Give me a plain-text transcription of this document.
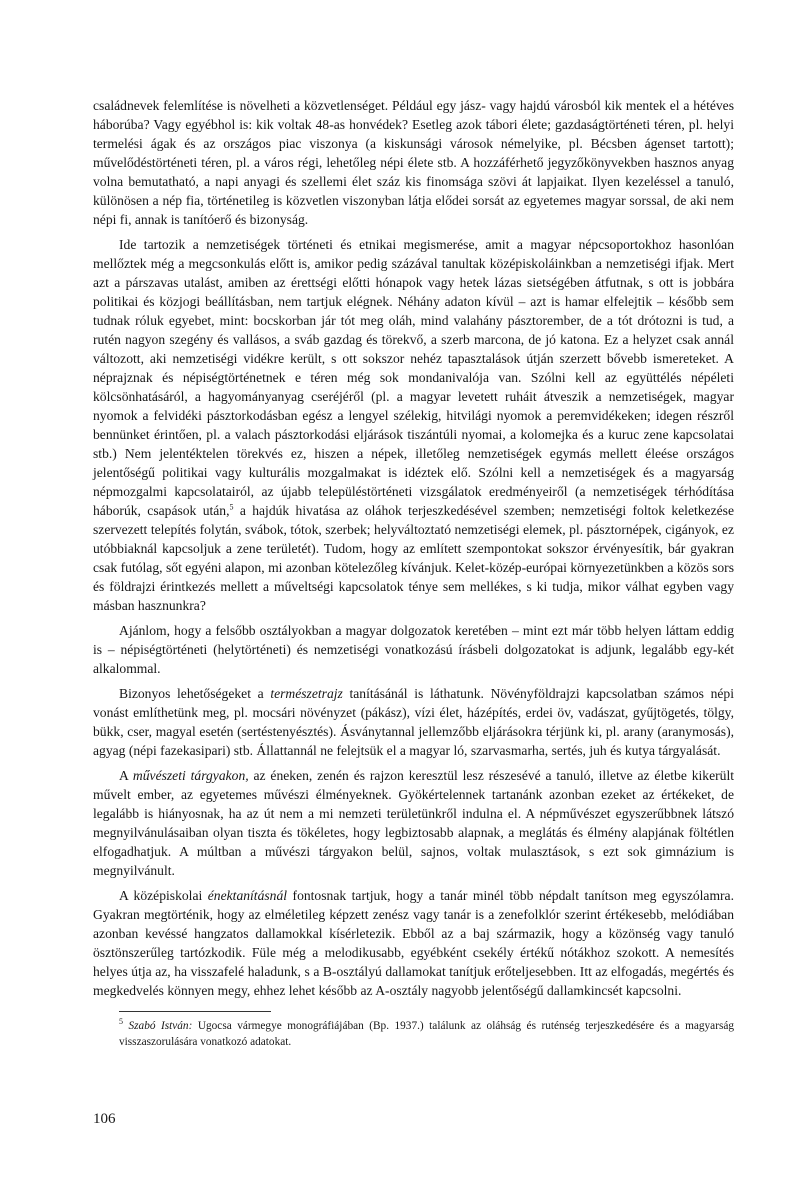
családnevek felemlítése is növelheti a közvetlenséget. Például egy jász- vagy hajdú városból kik mentek el a hétéves háborúba? Vagy egyébhol is: kik voltak 48-as honvédek? Esetleg azok tábori élete; gazdaságtörténeti téren, pl. helyi termelési ágak és az országos piac viszonya (a kiskunsági városok némelyike, pl. Bécsben ágenset tartott); művelődéstörténeti téren, pl. a város régi, lehetőleg népi élete stb. A hozzáférhető jegyzőkönyvekben hasznos anyag volna bemutatható, a napi anyagi és szellemi élet száz kis finomsága szövi át lapjaikat. Ilyen kezeléssel a tanuló, különösen a nép fia, történetileg is közvetlen viszonyban látja elődei sorsát az egyetemes magyar sorssal, de aki nem népi fi, annak is tanítóerő és bizonyság.

Ide tartozik a nemzetiségek történeti és etnikai megismerése, amit a magyar népcsoportokhoz hasonlóan mellőztek még a megcsonkulás előtt is, amikor pedig százával tanultak középiskoláinkban a nemzetiségi ifjak. Mert azt a párszavas utalást, amiben az érettségi előtti hónapok vagy hetek lázas sietségében átfutnak, s ott is jobbára politikai és közjogi beállításban, nem tartjuk elégnek. Néhány adaton kívül – azt is hamar elfelejtik – később sem tudnak róluk egyebet, mint: bocskorban jár tót meg oláh, mind valahány pásztorember, de a tót drótozni is tud, a rutén nagyon szegény és vallásos, a sváb gazdag és törekvő, a szerb marcona, de jó katona. Ez a helyzet csak annál változott, aki nemzetiségi vidékre került, s ott sokszor nehéz tapasztalások útján szerzett bővebb ismereteket. A néprajznak és népiségtörténetnek e téren még sok mondanivalója van. Szólni kell az együttélés népéleti kölcsönhatásáról, a hagyományanyag cseréjéről (pl. a magyar levetett ruháit átveszik a nemzetiségek, magyar nyomok a felvidéki pásztorkodásban egész a lengyel szélekig, hitvilági nyomok a peremvidékeken; idegen részről bennünket érintően, pl. a valach pásztorkodási eljárások tiszántúli nyomai, a kolomejka és a kuruc zene kapcsolatai stb.) Nem jelentéktelen törekvés ez, hiszen a népek, illetőleg nemzetiségek egymás mellett éleése országos jelentőségű politikai vagy kulturális mozgalmakat is idéztek elő. Szólni kell a nemzetiségek és a magyarság népmozgalmi kapcsolatairól, az újabb településtörténeti vizsgálatok eredményeiről (a nemzetiségek térhódítása háborúk, csapások után,$^5$ a hajdúk hivatása az oláhok terjeszkedésével szemben; nemzetiségi foltok keletkezése szervezett telepítés folytán, svábok, tótok, szerbek; helyváltoztató nemzetiségi elemek, pl. pásztornépek, cigányok, ez utóbbiaknál kapcsoljuk a zene területét). Tudom, hogy az említett szempontokat sokszor érvényesítik, bár gyakran csak futólag, sőt egyéni alapon, mi azonban kötelezőleg kívánjuk. Kelet-közép-európai környezetünkben a közös sors és földrajzi érintkezés mellett a műveltségi kapcsolatok ténye sem mellékes, s ki tudja, mikor válhat egyben vagy másban hasznunkra?

Ajánlom, hogy a felsőbb osztályokban a magyar dolgozatok keretében – mint ezt már több helyen láttam eddig is – népiségtörténeti (helytörténeti) és nemzetiségi vonatkozású írásbeli dolgozatokat is adjunk, legalább egy-két alkalommal.

Bizonyos lehetőségeket a természetrajz tanításánál is láthatunk. Növényföldrajzi kapcsolatban számos népi vonást említhetünk meg, pl. mocsári növényzet (pákász), vízi élet, házépítés, erdei öv, vadászat, gyűjtögetés, tölgy, bükk, cser, magyal esetén (sertéstenyésztés). Ásványtannal jellemzőbb eljárásokra térjünk ki, pl. arany (aranymosás), agyag (népi fazekasipari) stb. Állattannál ne felejtsük el a magyar ló, szarvasmarha, sertés, juh és kutya tárgyalását.

A művészeti tárgyakon, az éneken, zenén és rajzon keresztül lesz részesévé a tanuló, illetve az életbe kikerült művelt ember, az egyetemes művészi élményeknek. Gyökértelennek tartanánk azonban ezeket az értékeket, de legalább is hiányosnak, ha az út nem a mi nemzeti területünkről indulna el. A népművészet egyszerűbbnek látszó megnyilvánulásaiban olyan tiszta és tökéletes, hogy legbiztosabb alapnak, a meglátás és élmény alapjának föltétlen elfogadhatjuk. A múltban a művészi tárgyakon belül, sajnos, voltak mulasztások, s ezt sok gimnázium is megnyilvánult.

A középiskolai énektanításnál fontosnak tartjuk, hogy a tanár minél több népdalt tanítson meg egyszólamra. Gyakran megtörténik, hogy az elméletileg képzett zenész vagy tanár is a zenefolklór szerint értékesebb, melódiában azonban kevéssé hangzatos dallamokkal kísérletezik. Ebből az a baj származik, hogy a közönség vagy tanuló ösztönszerűleg tartózkodik. Füle még a melodikusabb, egyébként csekély értékű nótákhoz szokott. A nemesítés helyes útja az, ha visszafelé haladunk, s a B-osztályú dallamokat tanítjuk erőteljesebben. Itt az elfogadás, megértés és megkedvelés könnyen megy, ehhez lehet később az A-osztály nagyobb jelentőségű dallamkincsét kapcsolni.

$^5$ Szabó István: Ugocsa vármegye monográfiájában (Bp. 1937.) találunk az oláhság és ruténség terjeszkedésére és a magyarság visszaszorulására vonatkozó adatokat.

106
